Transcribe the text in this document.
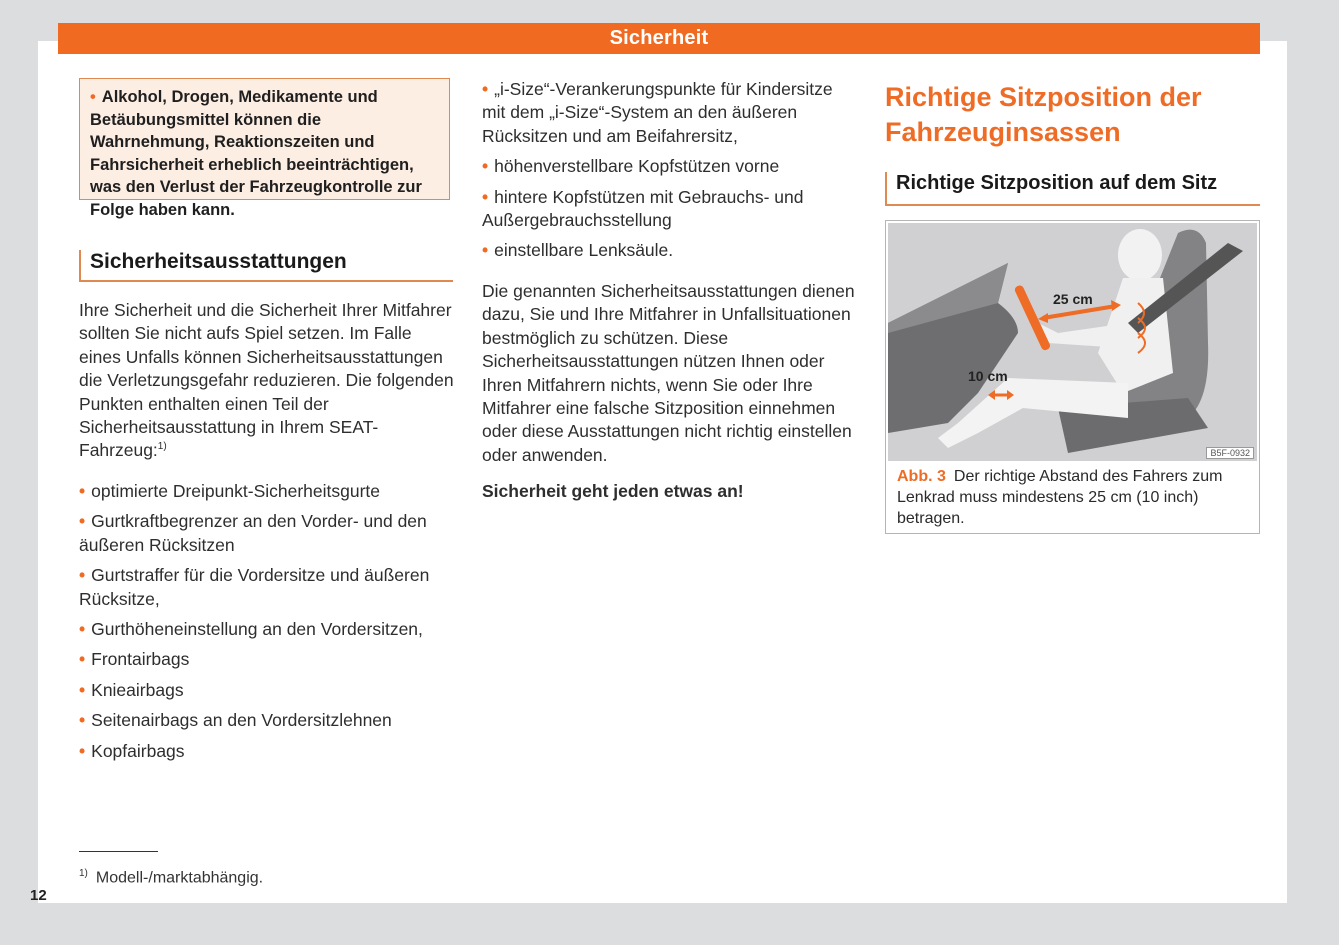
Sicherheit
• Alkohol, Drogen, Medikamente und Betäubungsmittel können die Wahrnehmung, Reaktionszeiten und Fahrsicherheit erheblich beeinträchtigen, was den Verlust der Fahrzeugkontrolle zur Folge haben kann.
Sicherheitsausstattungen
Ihre Sicherheit und die Sicherheit Ihrer Mitfahrer sollten Sie nicht aufs Spiel setzen. Im Falle eines Unfalls können Sicherheitsausstattungen die Verletzungsgefahr reduzieren. Die folgenden Punkten enthalten einen Teil der Sicherheitsausstattung in Ihrem SEAT-Fahrzeug:$^{1)}$
• optimierte Dreipunkt-Sicherheitsgurte
• Gurtkraftbegrenzer an den Vorder- und den äußeren Rücksitzen
• Gurtstraffer für die Vordersitze und äußeren Rücksitze,
• Gurthöheneinstellung an den Vordersitzen,
• Frontairbags
• Knieairbags
• Seitenairbags an den Vordersitzlehnen
• Kopfairbags
• „i-Size“-Verankerungspunkte für Kindersitze mit dem „i-Size“-System an den äußeren Rücksitzen und am Beifahrersitz,
• höhenverstellbare Kopfstützen vorne
• hintere Kopfstützen mit Gebrauchs- und Außergebrauchsstellung
• einstellbare Lenksäule.
Die genannten Sicherheitsausstattungen dienen dazu, Sie und Ihre Mitfahrer in Unfallsituationen bestmöglich zu schützen. Diese Sicherheitsausstattungen nützen Ihnen oder Ihren Mitfahrern nichts, wenn Sie oder Ihre Mitfahrer eine falsche Sitzposition einnehmen oder diese Ausstattungen nicht richtig einstellen oder anwenden.
Sicherheit geht jeden etwas an!
Richtige Sitzposition der Fahrzeuginsassen
Richtige Sitzposition auf dem Sitz
25 cm
10 cm
B5F-0932
Abb. 3 Der richtige Abstand des Fahrers zum Lenkrad muss mindestens 25 cm (10 inch) betragen.
$^{1)}$ Modell-/marktabhängig.
12
